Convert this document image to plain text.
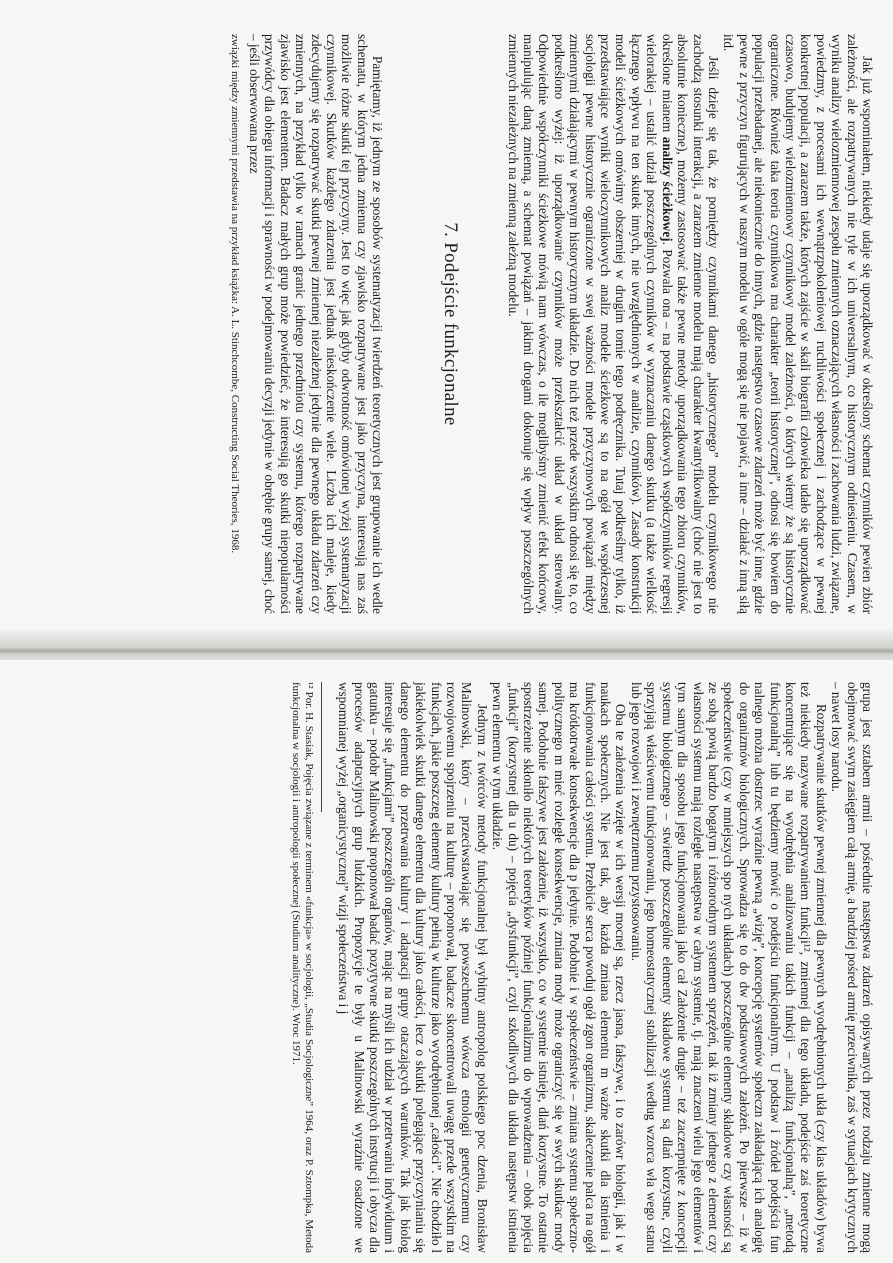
Jak już wspominałem, niekiedy udaje się uporządkować w określony schemat czynników pewien zbiór zależności, ale rozpatrywanych nie tyle w ich uniwersalnym, co historycznym odniesieniu. Czasem, w wyniku analizy wielozmiennowej zespołu zmiennych oznaczających własności i zachowania ludzi, związane, powiedzmy, z procesami ich wewnątrzpokoleniowej ruchliwości społecznej i zachodzące w pewnej konkretnej populacji, a zarazem także, których zajście w skali biografii człowieka udało się uporządkować czasowo, budujemy wielozmiennowy czynnikowy model zależności, o których wiemy że są historycznie ograniczone. Również taka teoria czynnikowa ma charakter „teorii historycznej”, odnosi się bowiem do populacji przebadanej, ale niekoniecznie do innych, gdzie następstwo czasowe zdarzeń może być inne, gdzie pewne z przyczyn figurujących w naszym modelu w ogóle mogą się nie pojawić, a inne – działać z inną siłą itd.

Jeśli dzieje się tak, że pomiędzy czynnikami danego „historycznego” modelu czynnikowego nie zachodzą stosunki interakcji, a zarazem zmienne modelu mają charakter kwantyfikowalny (choć nie jest to absolutnie konieczne), możemy zastosować także pewne metody uporządkowania tego zbioru czynników, określone mianem analizy ścieżkowej. Pozwala ona – na podstawie cząstkowych współczynników regresji wielorakiej – ustalić udział poszczególnych czynników w wyznaczaniu danego skutku (a także wielkość łącznego wpływu na ten skutek innych, nie uwzględnionych w analizie, czynników). Zasady konstrukcji modeli ścieżkowych omówimy obszerniej w drugim tomie tego podręcznika. Tutaj podkreślmy tylko, iż przedstawiające wyniki wieloczynnikowych analiz modele ścieżkowe są to na ogół we współczesnej socjologii pewne historycznie ograniczone w swej ważności modele przyczynowych powiązań między zmiennymi działającymi w pewnym historycznym układzie. Do nich też przede wszystkim odnosi się to, co podkreślono wyżej: iż uporządkowanie czynników może przekształcić układ w układ sterowalny. Odpowiednie współczynniki ścieżkowe mówią nam wówczas, o ile moglibyśmy zmienić efekt końcowy, manipulując daną zmienną, a schemat powiązań – jakimi drogami dokonuje się wpływ poszczególnych zmiennych niezależnych na zmienną zależną modelu.

7. Podejście funkcjonalne

Pamiętamy, iż jednym ze sposobów systematyzacji twierdzeń teoretycznych jest grupowanie ich wedle schematu, w którym jedna zmienna czy zjawisko rozpatrywane jest jako przyczyna, interesują nas zaś możliwie różne skutki tej przyczyny. Jest to więc jak gdyby odwrotność omówionej wyżej systematyzacji czynnikowej. Skutków każdego zdarzenia jest jednak nieskończenie wiele. Liczba ich maleje, kiedy zdecydujemy się rozpatrywać skutki pewnej zmiennej niezależnej jedynie dla pewnego układu zdarzeń czy zmiennych, na przykład tylko w ramach granic jednego przedmiotu czy systemu, którego rozpatrywane zjawisko jest elementem. Badacz małych grup może powiedzieć, że interesują go skutki niepopularności przywódcy dla obiegu informacji i sprawności w podejmowaniu decyzji jedynie w obrębie grupy samej, choć – jeśli obserwowana przez

związki między zmiennymi przedstawia na przykład książka: A. L. Stinchcombe, Constructing Social Theories, 1968.

grupa jest sztabem armii – pośrednie następstwa zdarzeń opisywanych przez rodzaju zmienne mogą obejmować swym zasięgiem całą armię, a bardziej pośred armię przeciwnika, zaś w sytuacjach krytycznych – nawet losy narodu.

Rozpatrywanie skutków pewnej zmiennej dla pewnych wyodrębnionych ukła (czy klas układów) bywa też niekiedy nazywane rozpatrywaniem funkcji¹², zmiennej dla tego układu, podejście zaś teoretyczne koncentrujące się na wyodrębnia analizowaniu takich funkcji – „analizą funkcjonalną”, „metodą funkcjonalną” lub tu będziemy mówić o podejściu funkcjonalnym. U podstaw i źródeł podejścia fun nalnego można dostrzec wyraźnie pewną „wizję”, koncepcję systemów społeczn zakładającą ich analogię do organizmów biologicznych. Sprowadza się to do dw podstawowych założeń. Po pierwsze – iż w społeczeństwie (czy w mniejszych spo nych układach) poszczególne elementy składowe czy własności są ze sobą powią bardzo bogatym i różnorodnym systemem sprzężeń, tak iż zmiany jednego z element czy własności systemu mają rozległe następstwa w całym systemie, tj. mają znaczeni wielu jego elementów i tym samym dla sposobu jego funkcjonowania jako cał Założenie drugie – też zaczerpnięte z koncepcji systemu biologicznego – stwierdz poszczególne elementy składowe systemu są dlań korzystne, czyli sprzyjają właściwemu funkcjonowaniu, jego homeostatycznej stabilizacji według wzorca wła wego stanu lub jego rozwojowi i zewnętrznemu przystosowaniu.

Oba te założenia wzięte w ich wersji mocnej są, rzecz jasna, fałszywe, i to zarówr biologii, jak i w naukach społecznych. Nie jest tak, aby każda zmiana elementu m ważne skutki dla istnienia i funkcjonowania całości systemu. Przebicie serca powoduj ogół zgon organizmu, skaleczenie palca na ogół ma krótkotrwałe konsekwencje dla p jedynie. Podobnie i w społeczeństwie – zmiana systemu społeczno-politycznego m mieć rozległe konsekwencje, zmiana mody może ograniczyć się w swych skutkac mody samej. Podobnie fałszywe jest założenie, iż wszystko, co w systemie istnieje, dlań korzystne. To ostatnie spostrzeżenie skłoniło niektórych teoretyków później funkcjonalizmu do wprowadzenia – obok pojęcia „funkcji” (korzystnej dla u du) – pojęcia „dysfunkcji”, czyli szkodliwych dla układu następstw istnienia pewn elementu w tym układzie.

Jednym z twórców metody funkcjonalnej był wybitny antropolog polskiego poc dzenia, Bronisław Malinowski, który – przeciwstawiając się powszechnemu wówcza etnologii genetycznemu czy rozwojowemu spojrzeniu na kulturę – proponował, badacze skoncentrowali uwagę przede wszystkim na funkcjach, jakie poszczeg elementy kultury pełnią w kulturze jako wyodrębnionej „całości”. Nie chodziło l jakiekolwiek skutki danego elementu dla kultury jako całości, lecz o skutki polegające przyczynianiu się danego elementu do przetrwania kultury i adaptacji grupy otaczających warunków. Tak jak biolog interesuje się „funkcjami” poszczególn organów, mając na myśli ich udział w przetrwaniu indywiduum i gatunku – podobr Malinowski proponował badać pozytywne skutki poszczególnych instytucji i obycza dla procesów adaptacyjnych grup ludzkich. Propozycje te były u Malinowski wyraźnie osadzone we wspomnianej wyżej „organicystycznej” wizji społeczeństwa i j

¹² Por. H. Stasiak, Pojęcia związane z terminem «funkcja» w socjologii, „Studia Socjologiczne” 1964, oraz P. Sztompka, Metoda funkcjonalna w socjologii i antropologii społecznej (Studium analityczne). Wroc 1971.
